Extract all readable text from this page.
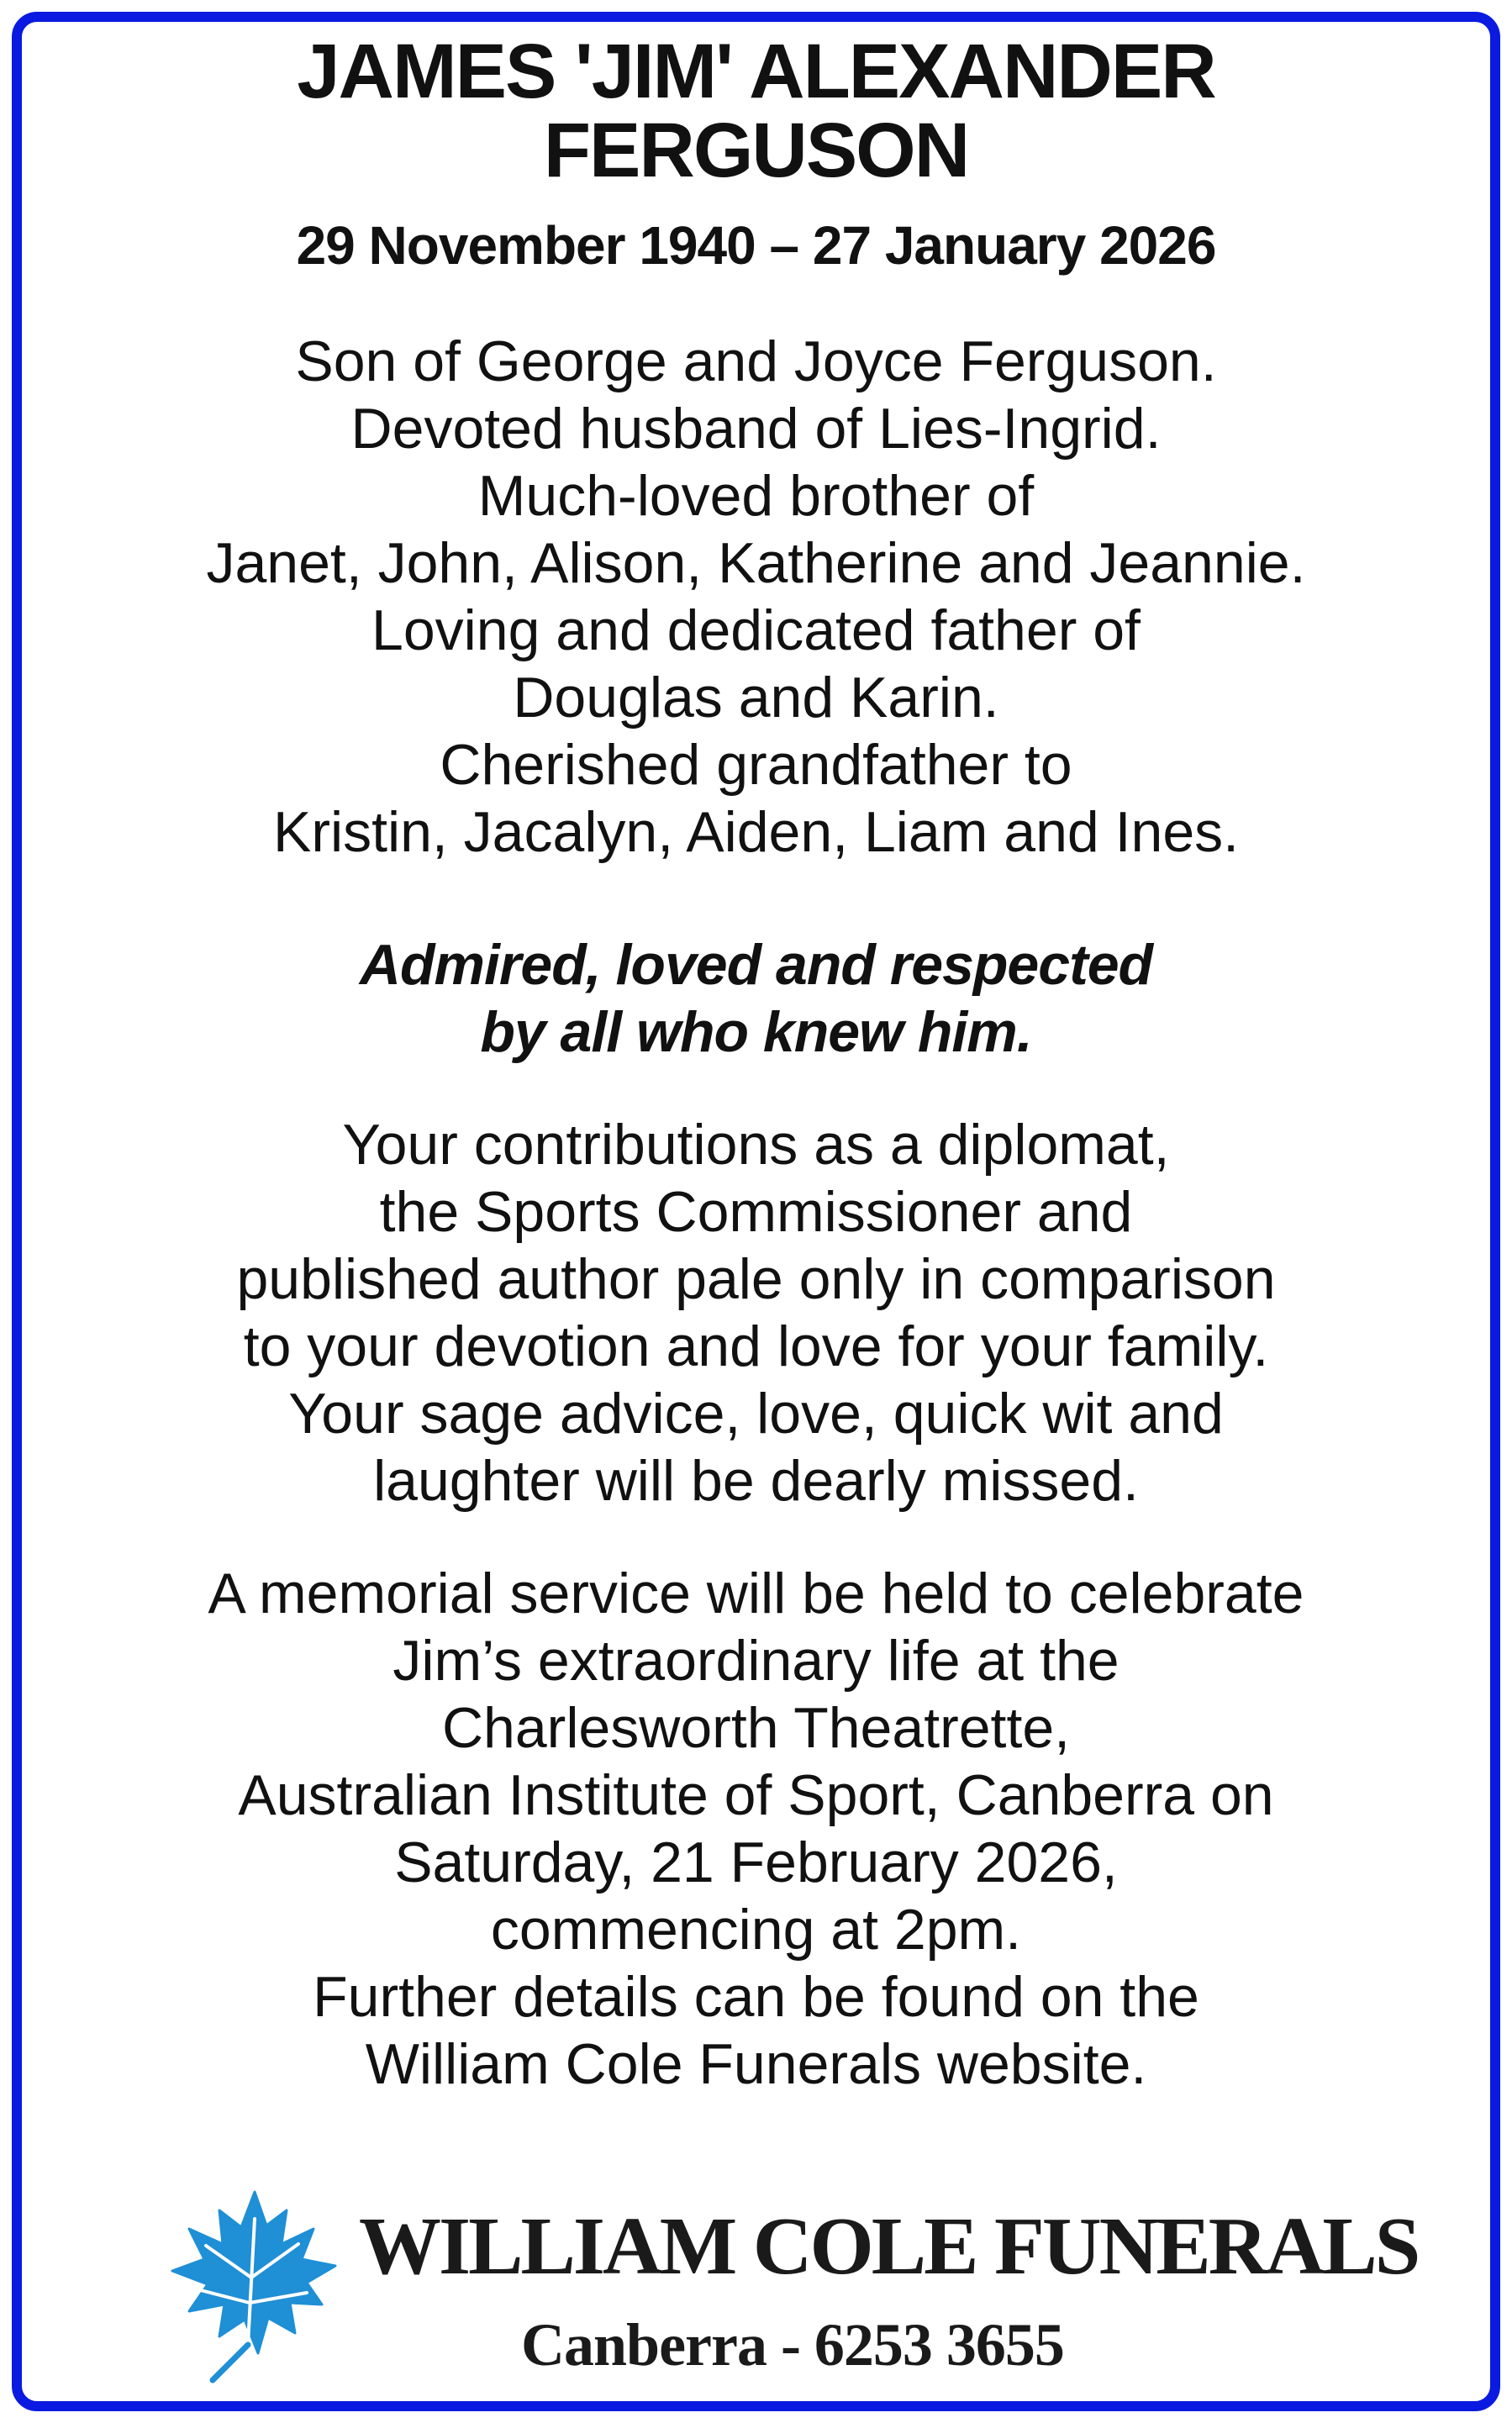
JAMES 'JIM' ALEXANDER
FERGUSON
29 November 1940 – 27 January 2026
Son of George and Joyce Ferguson.
Devoted husband of Lies-Ingrid.
Much-loved brother of
Janet, John, Alison, Katherine and Jeannie.
Loving and dedicated father of
Douglas and Karin.
Cherished grandfather to
Kristin, Jacalyn, Aiden, Liam and Ines.
Admired, loved and respected
by all who knew him.
Your contributions as a diplomat,
the Sports Commissioner and
published author pale only in comparison
to your devotion and love for your family.
Your sage advice, love, quick wit and
laughter will be dearly missed.
A memorial service will be held to celebrate
Jim’s extraordinary life at the
Charlesworth Theatrette,
Australian Institute of Sport, Canberra on
Saturday, 21 February 2026,
commencing at 2pm.
Further details can be found on the
William Cole Funerals website.
WILLIAM COLE FUNERALS
Canberra - 6253 3655
